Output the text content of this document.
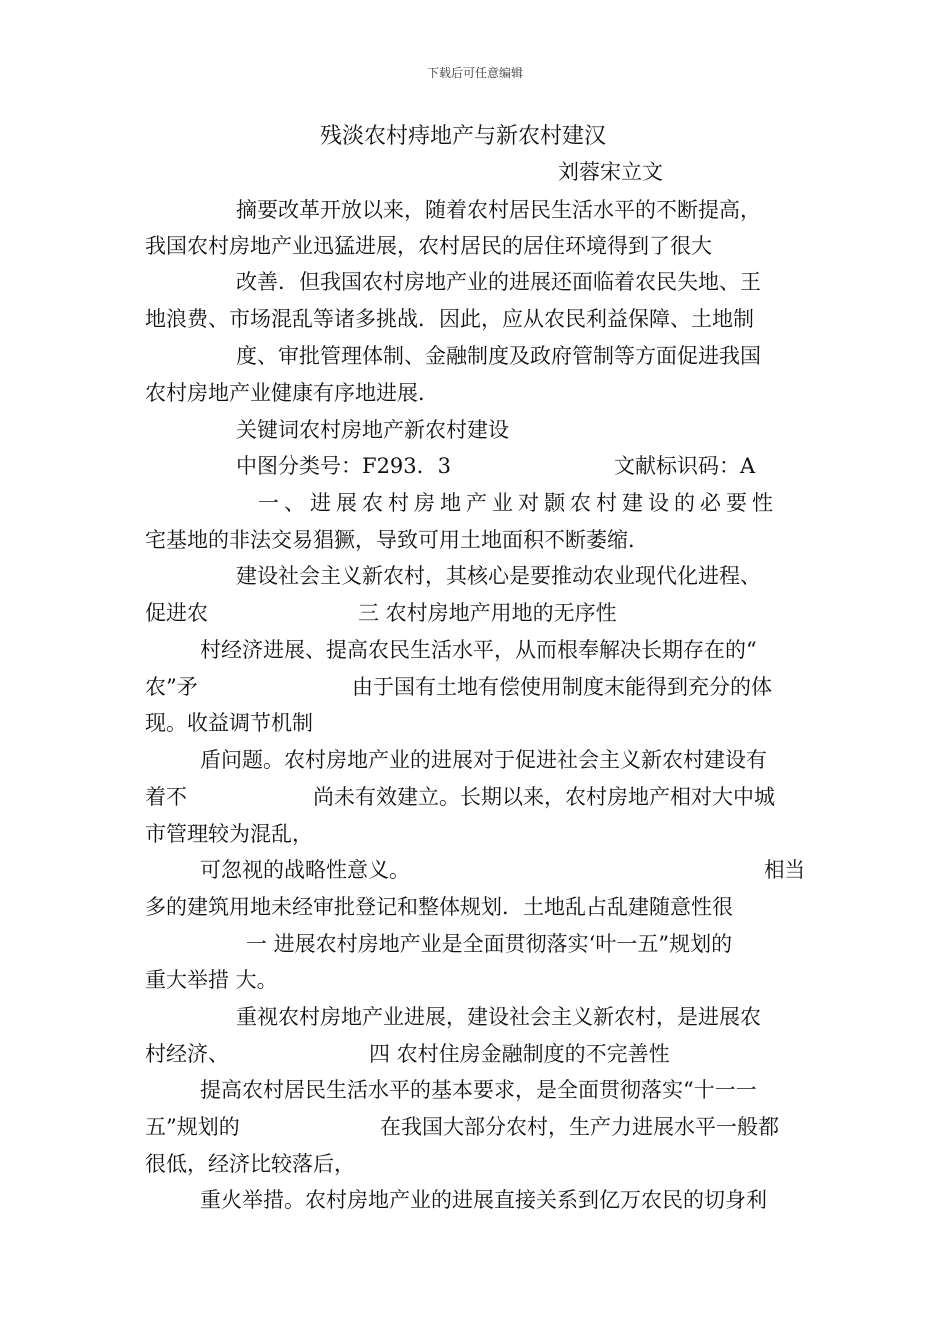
下载后可任意编辑
残淡农村痔地产与新农村建汉
刘蓉宋立文
摘要改革开放以来，随着农村居民生活水平的不断提高，
我国农村房地产业迅猛进展，农村居民的居住环境得到了很大
改善．但我国农村房地产业的进展还面临着农民失地、王
地浪费、市场混乱等诸多挑战．因此，应从农民利益保障、土地制
度、审批管理体制、金融制度及政府管制等方面促进我国
农村房地产业健康有序地进展．
关键词农村房地产新农村建设
中图分类号：F293．3	文献标识码：A
一、进展农村房地产业对颢农村建设的必要性
宅基地的非法交易猖獗，导致可用土地面积不断萎缩．
建设社会主义新农村，其核心是要推动农业现代化进程、
促进农	三 农村房地产用地的无序性
村经济进展、提高农民生活水平，从而根奉解决长期存在的“
农”矛	由于国有土地有偿使用制度末能得到充分的体
现。收益调节机制
盾问题。农村房地产业的进展对于促进社会主义新农村建设有
着不	尚未有效建立。长期以来，农村房地产相对大中城
市管理较为混乱，
可忽视的战略性意义。	相当
多的建筑用地未经审批登记和整体规划．土地乱占乱建随意性很
一 进展农村房地产业是全面贯彻落实‘叶一五”规划的
重大举措 大。
重视农村房地产业进展，建设社会主义新农村，是进展农
村经济、	四 农村住房金融制度的不完善性
提高农村居民生活水平的基本要求，是全面贯彻落实“十一一
五”规划的	在我国大部分农村，生产力进展水平一般都
很低，经济比较落后，
重火举措。农村房地产业的进展直接关系到亿万农民的切身利
